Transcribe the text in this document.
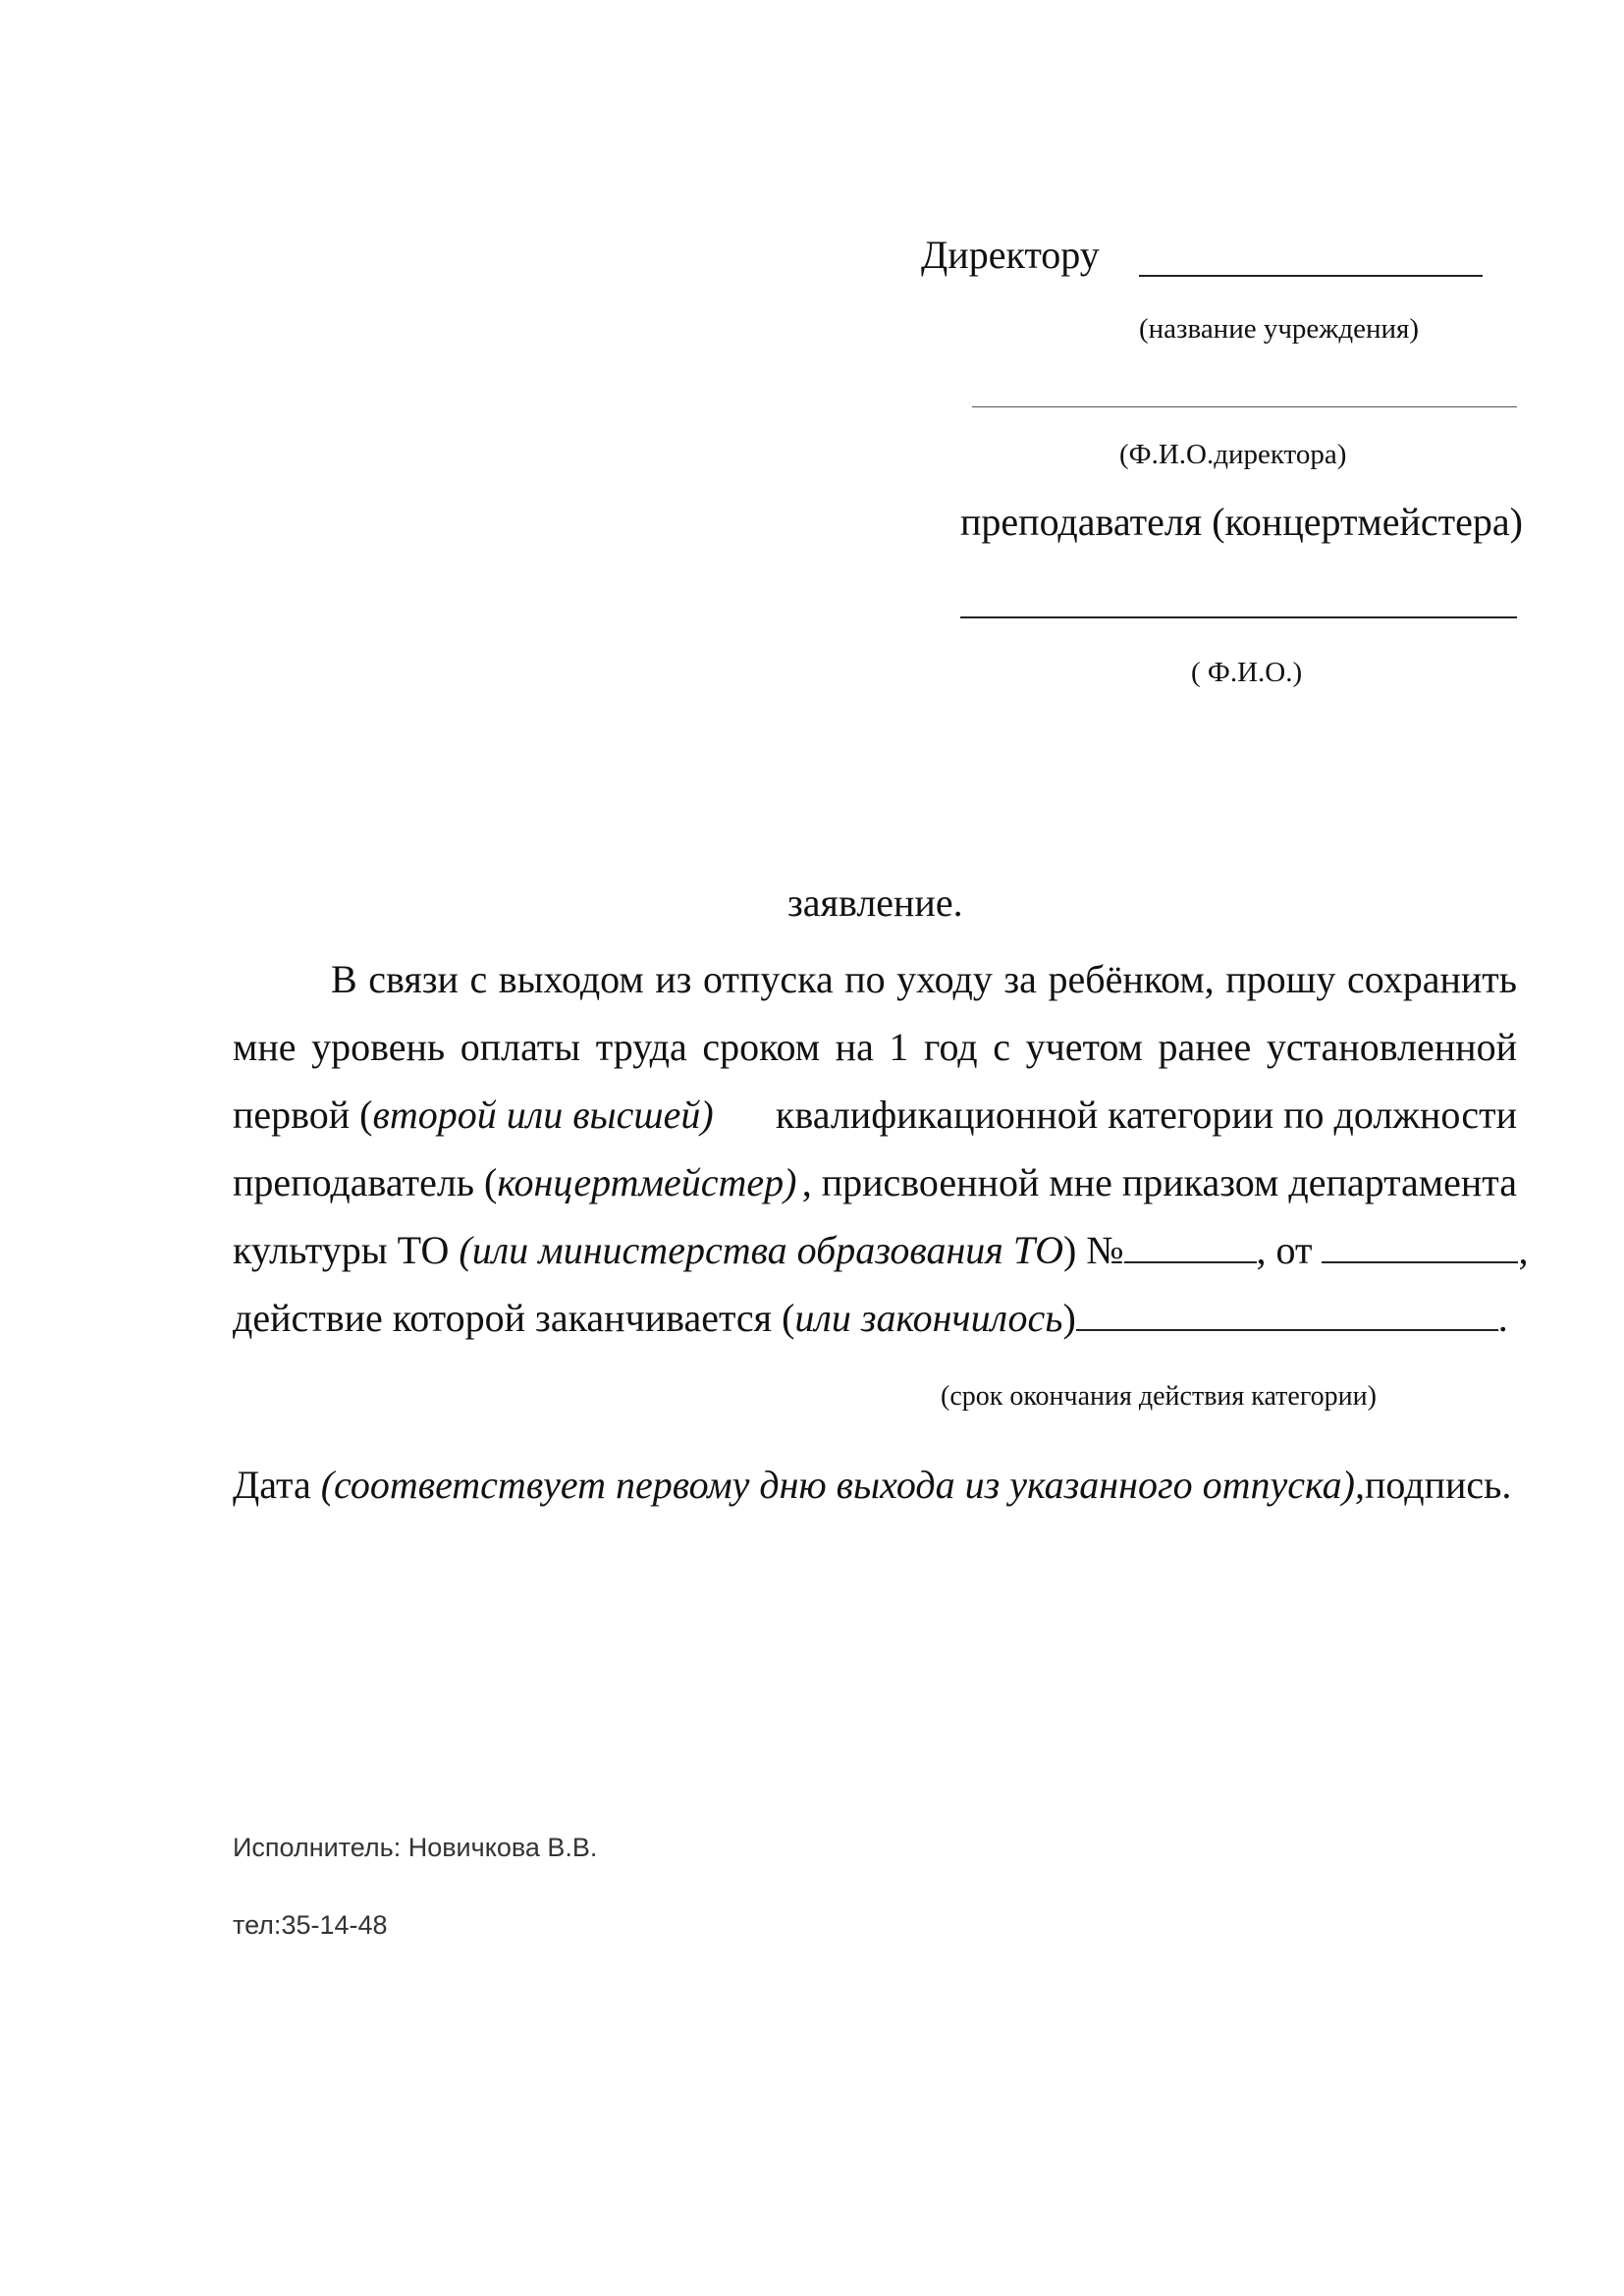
Директору
(название учреждения)
(Ф.И.О.директора)
преподавателя (концертмейстера)
( Ф.И.О.)
заявление.
В связи с выходом из отпуска по уходу за ребёнком, прошу сохранить
мне уровень оплаты труда сроком на 1 год с учетом ранее установленной
первой (второй или высшей) квалификационной категории по должности
преподаватель (концертмейстер) , присвоенной мне приказом департамента
культуры ТО (или министерства образования ТО) №	, от	,
действие которой заканчивается (или закончилось)	.
(срок окончания действия категории)
Дата (соответствует первому дню выхода из указанного отпуска),подпись.
Исполнитель: Новичкова В.В.
тел:35-14-48
